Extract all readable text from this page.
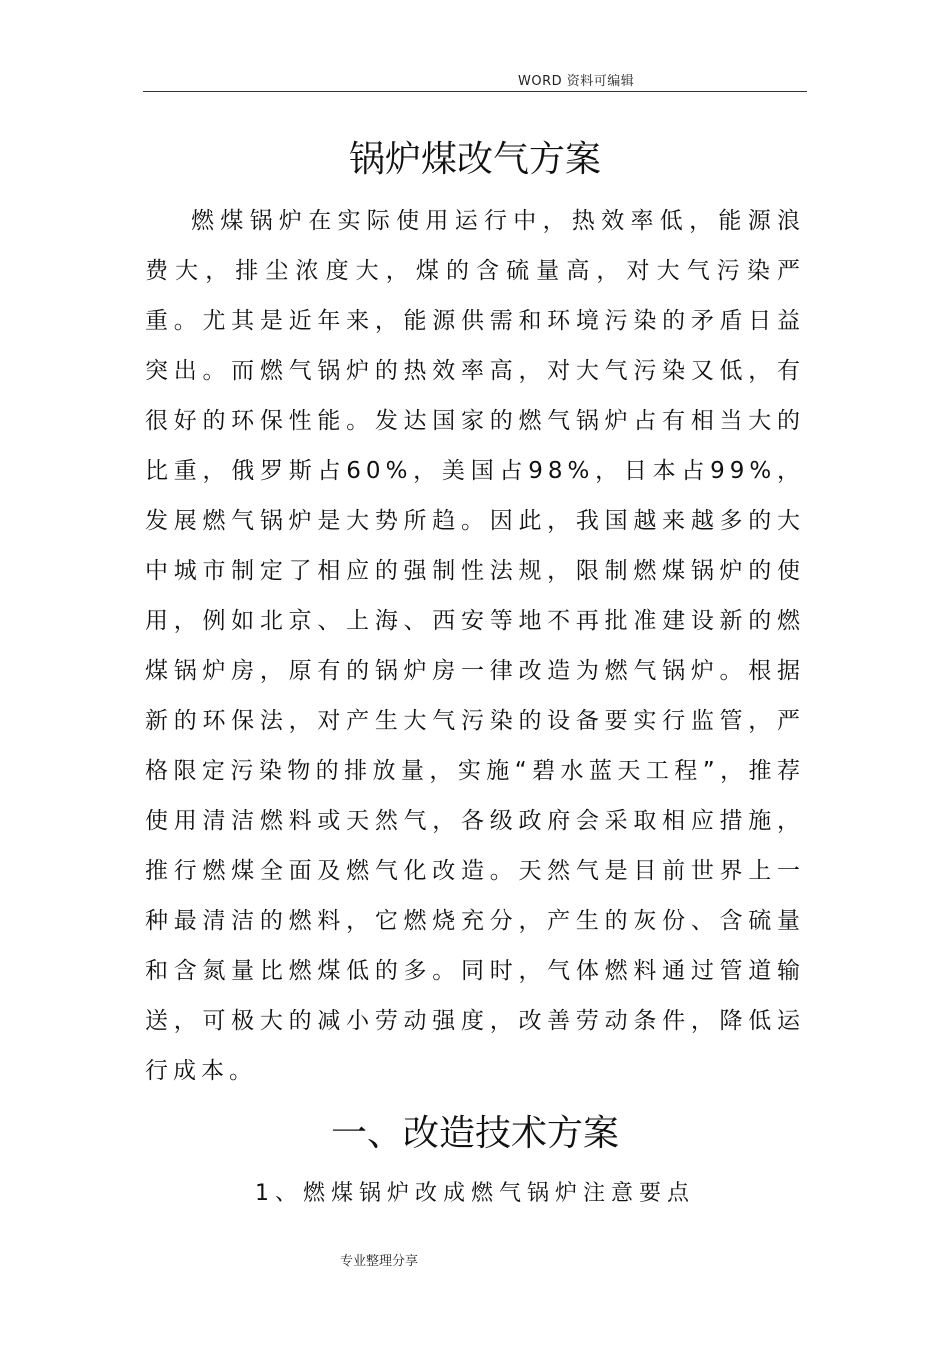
WORD 资料可编辑
锅炉煤改气方案

燃煤锅炉在实际使用运行中，热效率低，能源浪费大，排尘浓度大，煤的含硫量高，对大气污染严重。尤其是近年来，能源供需和环境污染的矛盾日益突出。而燃气锅炉的热效率高，对大气污染又低，有很好的环保性能。发达国家的燃气锅炉占有相当大的比重，俄罗斯占60%，美国占98%，日本占99%，发展燃气锅炉是大势所趋。因此，我国越来越多的大中城市制定了相应的强制性法规，限制燃煤锅炉的使用，例如北京、上海、西安等地不再批准建设新的燃煤锅炉房，原有的锅炉房一律改造为燃气锅炉。根据新的环保法，对产生大气污染的设备要实行监管，严格限定污染物的排放量，实施“碧水蓝天工程”，推荐使用清洁燃料或天然气，各级政府会采取相应措施，推行燃煤全面及燃气化改造。天然气是目前世界上一种最清洁的燃料，它燃烧充分，产生的灰份、含硫量和含氮量比燃煤低的多。同时，气体燃料通过管道输送，可极大的减小劳动强度，改善劳动条件，降低运行成本。

一、改造技术方案
1、燃煤锅炉改成燃气锅炉注意要点
专业整理分享
